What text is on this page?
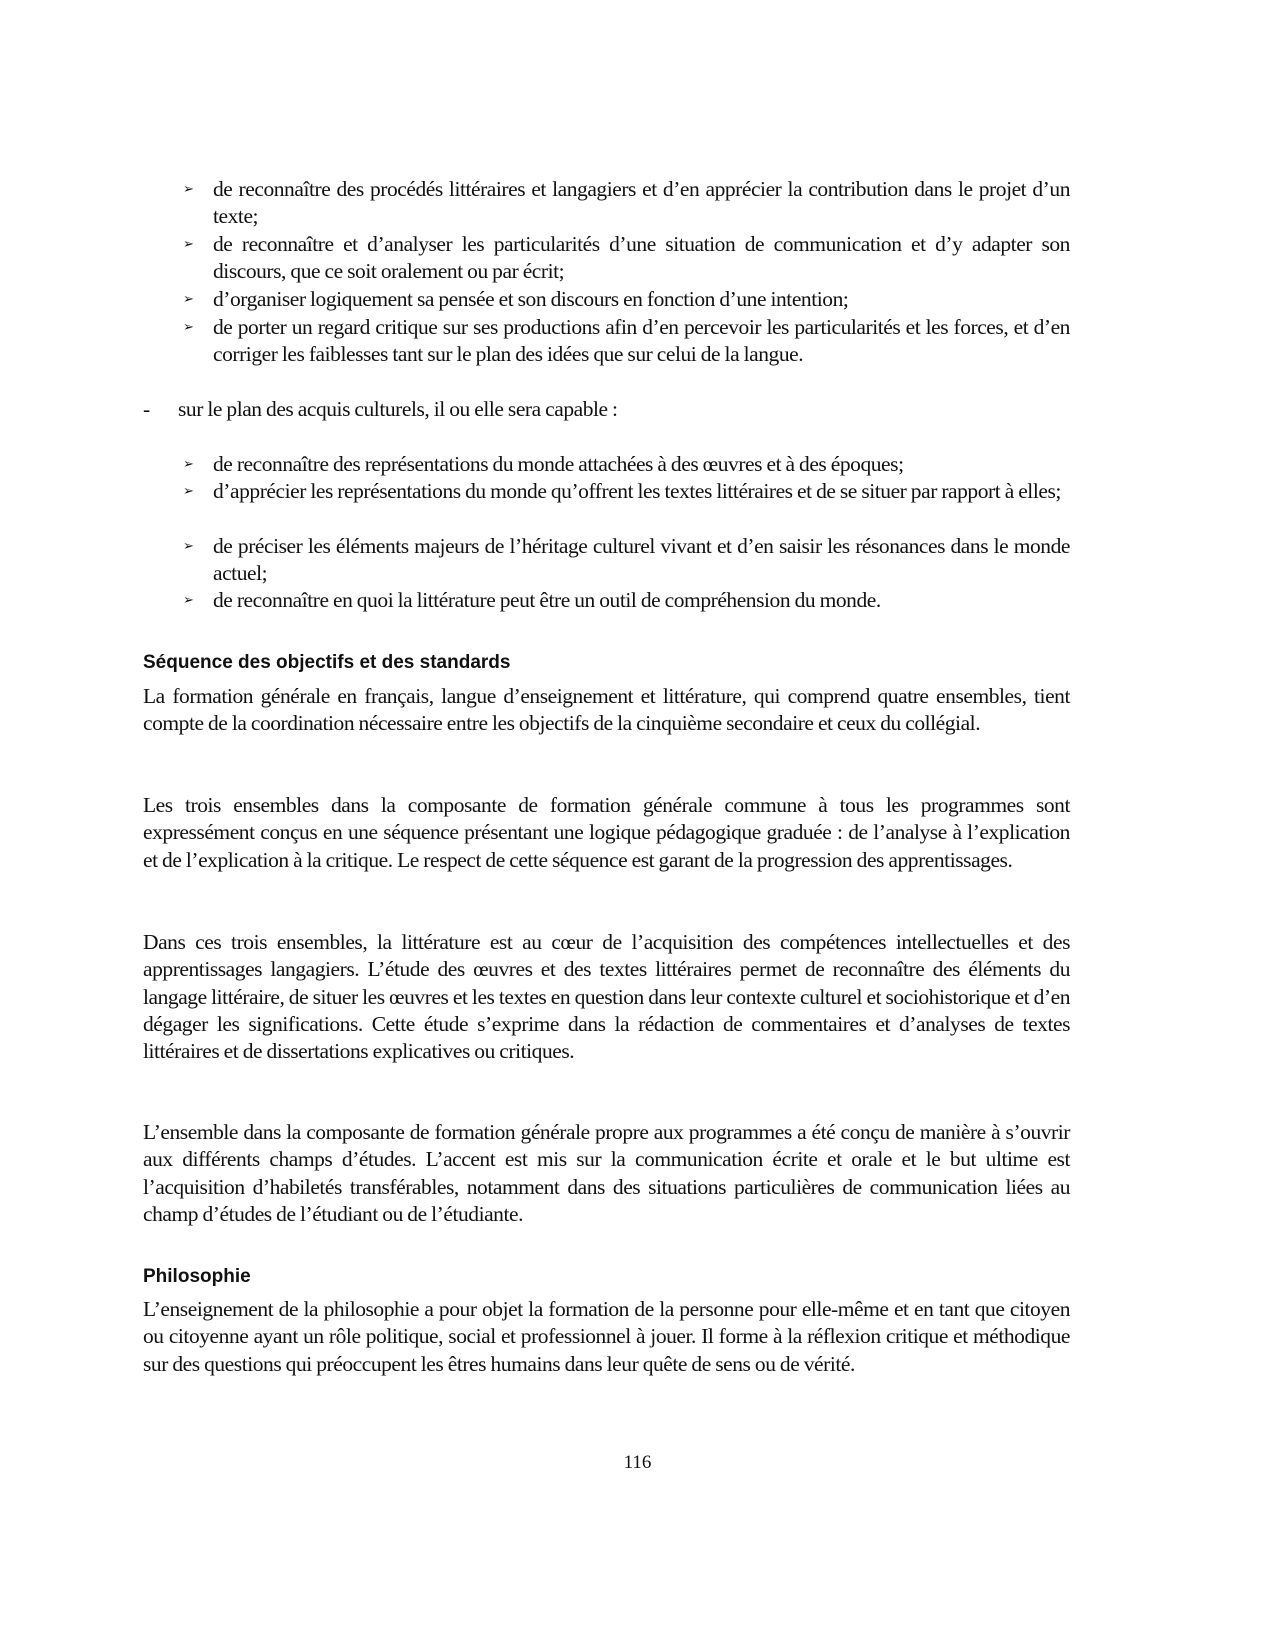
➢ de reconnaître des procédés littéraires et langagiers et d’en apprécier la contribution dans le projet d’un texte;
➢ de reconnaître et d’analyser les particularités d’une situation de communication et d’y adapter son discours, que ce soit oralement ou par écrit;
➢ d’organiser logiquement sa pensée et son discours en fonction d’une intention;
➢ de porter un regard critique sur ses productions afin d’en percevoir les particularités et les forces, et d’en corriger les faiblesses tant sur le plan des idées que sur celui de la langue.
- sur le plan des acquis culturels, il ou elle sera capable :
➢ de reconnaître des représentations du monde attachées à des œuvres et à des époques;
➢ d’apprécier les représentations du monde qu’offrent les textes littéraires et de se situer par rapport à elles;
➢ de préciser les éléments majeurs de l’héritage culturel vivant et d’en saisir les résonances dans le monde actuel;
➢ de reconnaître en quoi la littérature peut être un outil de compréhension du monde.
Séquence des objectifs et des standards
La formation générale en français, langue d’enseignement et littérature, qui comprend quatre ensembles, tient compte de la coordination nécessaire entre les objectifs de la cinquième secondaire et ceux du collégial.
Les trois ensembles dans la composante de formation générale commune à tous les programmes sont expressément conçus en une séquence présentant une logique pédagogique graduée : de l’analyse à l’explication et de l’explication à la critique. Le respect de cette séquence est garant de la progression des apprentissages.
Dans ces trois ensembles, la littérature est au cœur de l’acquisition des compétences intellectuelles et des apprentissages langagiers. L’étude des œuvres et des textes littéraires permet de reconnaître des éléments du langage littéraire, de situer les œuvres et les textes en question dans leur contexte culturel et sociohistorique et d’en dégager les significations. Cette étude s’exprime dans la rédaction de commentaires et d’analyses de textes littéraires et de dissertations explicatives ou critiques.
L’ensemble dans la composante de formation générale propre aux programmes a été conçu de manière à s’ouvrir aux différents champs d’études. L’accent est mis sur la communication écrite et orale et le but ultime est l’acquisition d’habiletés transférables, notamment dans des situations particulières de communication liées au champ d’études de l’étudiant ou de l’étudiante.
Philosophie
L’enseignement de la philosophie a pour objet la formation de la personne pour elle-même et en tant que citoyen ou citoyenne ayant un rôle politique, social et professionnel à jouer. Il forme à la réflexion critique et méthodique sur des questions qui préoccupent les êtres humains dans leur quête de sens ou de vérité.
116
